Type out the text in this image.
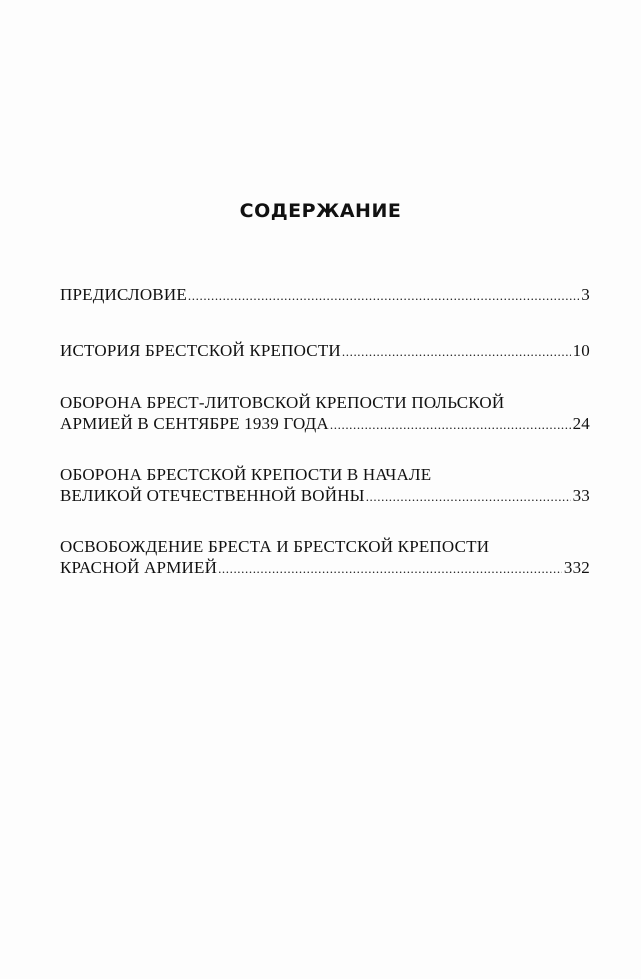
СОДЕРЖАНИЕ
ПРЕДИСЛОВИЕ .....	3
ИСТОРИЯ БРЕСТСКОЙ КРЕПОСТИ .....	10
ОБОРОНА БРЕСТ-ЛИТОВСКОЙ КРЕПОСТИ ПОЛЬСКОЙ
АРМИЕЙ В СЕНТЯБРЕ 1939 ГОДА .....	24
ОБОРОНА БРЕСТСКОЙ КРЕПОСТИ В НАЧАЛЕ
ВЕЛИКОЙ ОТЕЧЕСТВЕННОЙ ВОЙНЫ .....	33
ОСВОБОЖДЕНИЕ БРЕСТА И БРЕСТСКОЙ КРЕПОСТИ
КРАСНОЙ АРМИЕЙ .....	332
